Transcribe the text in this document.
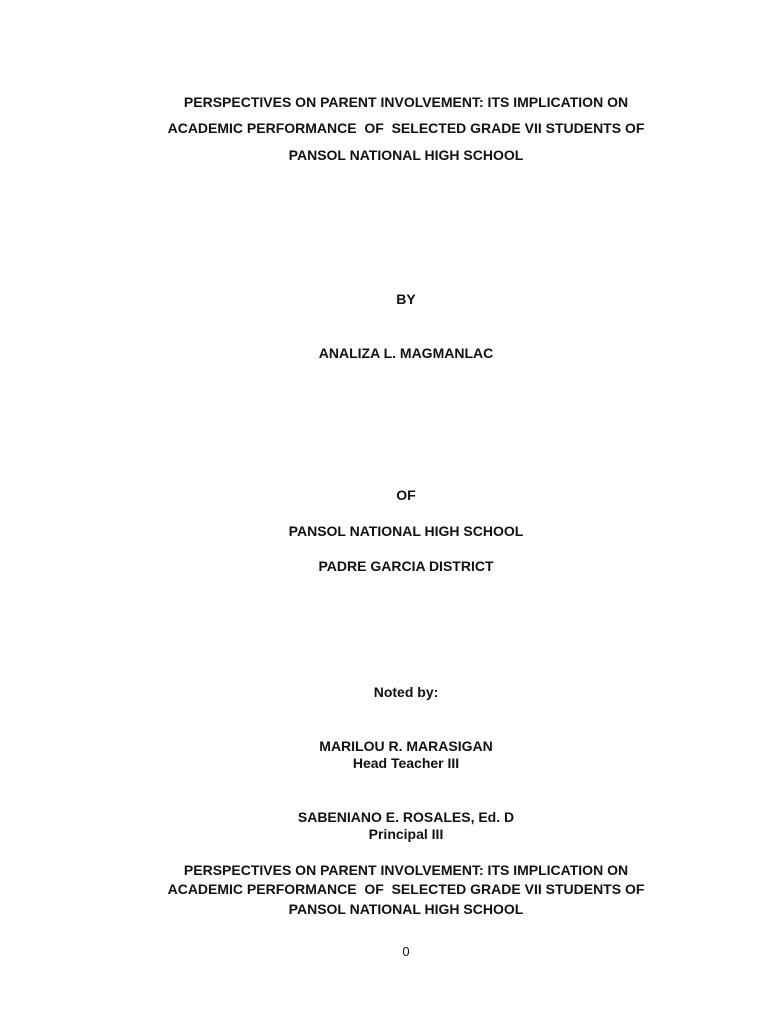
PERSPECTIVES ON PARENT INVOLVEMENT: ITS IMPLICATION ON
ACADEMIC PERFORMANCE  OF  SELECTED GRADE VII STUDENTS OF
PANSOL NATIONAL HIGH SCHOOL
BY
ANALIZA L. MAGMANLAC
OF
PANSOL NATIONAL HIGH SCHOOL
PADRE GARCIA DISTRICT
Noted by:
MARILOU R. MARASIGAN
Head Teacher III
SABENIANO E. ROSALES, Ed. D
Principal III
PERSPECTIVES ON PARENT INVOLVEMENT: ITS IMPLICATION ON
ACADEMIC PERFORMANCE  OF  SELECTED GRADE VII STUDENTS OF
PANSOL NATIONAL HIGH SCHOOL
0
